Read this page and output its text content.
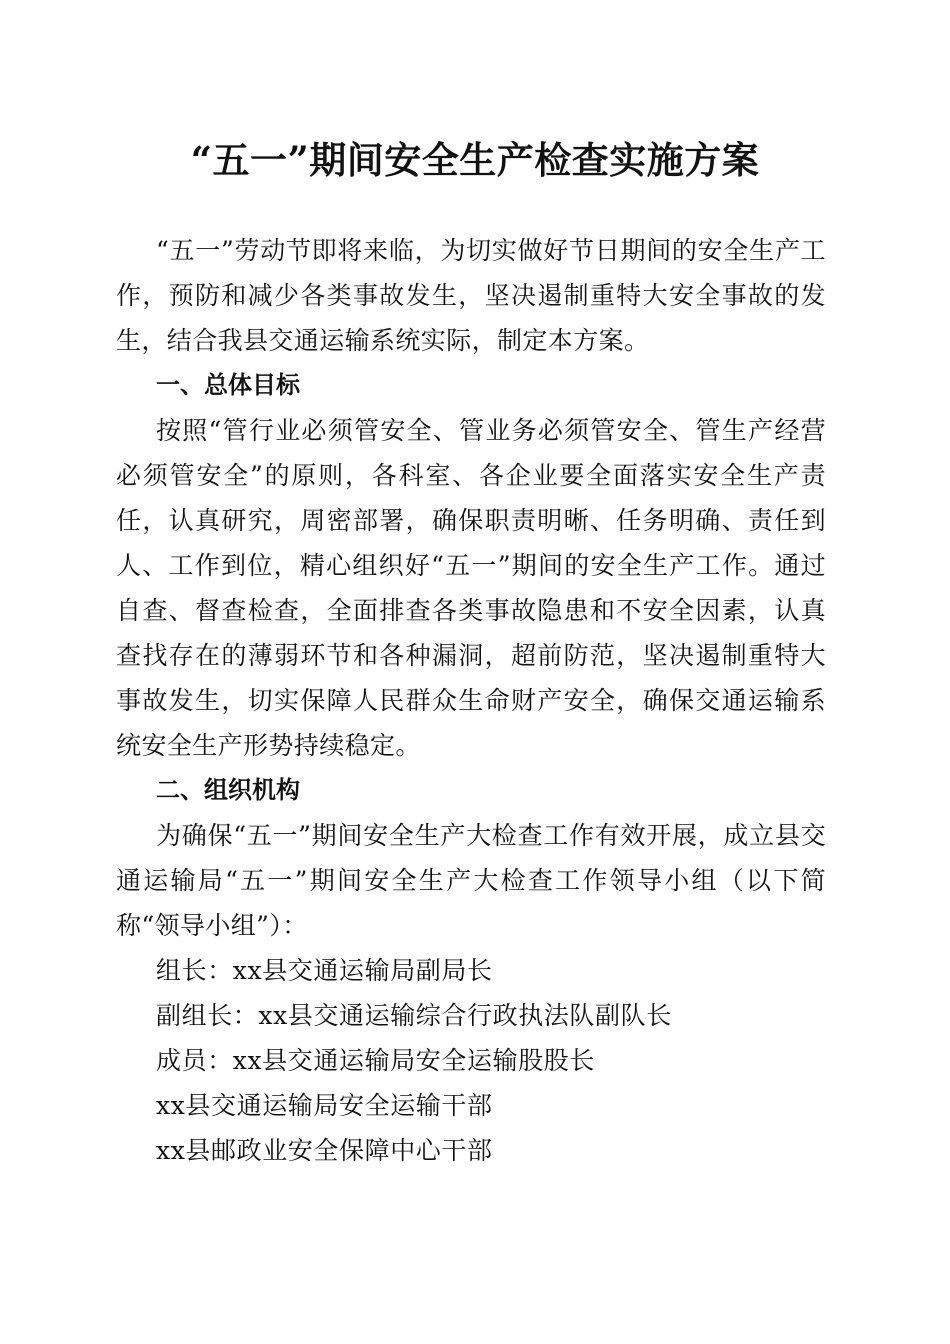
“五一”期间安全生产检查实施方案

“五一”劳动节即将来临，为切实做好节日期间的安全生产工作，预防和减少各类事故发生，坚决遏制重特大安全事故的发生，结合我县交通运输系统实际，制定本方案。

一、总体目标

按照“管行业必须管安全、管业务必须管安全、管生产经营必须管安全”的原则，各科室、各企业要全面落实安全生产责任，认真研究，周密部署，确保职责明晰、任务明确、责任到人、工作到位，精心组织好“五一”期间的安全生产工作。通过自查、督查检查，全面排查各类事故隐患和不安全因素，认真查找存在的薄弱环节和各种漏洞，超前防范，坚决遏制重特大事故发生，切实保障人民群众生命财产安全，确保交通运输系统安全生产形势持续稳定。

二、组织机构

为确保“五一”期间安全生产大检查工作有效开展，成立县交通运输局“五一”期间安全生产大检查工作领导小组（以下简称“领导小组”）：

组长：xx县交通运输局副局长

副组长：xx县交通运输综合行政执法队副队长

成员：xx县交通运输局安全运输股股长

xx县交通运输局安全运输干部

xx县邮政业安全保障中心干部
